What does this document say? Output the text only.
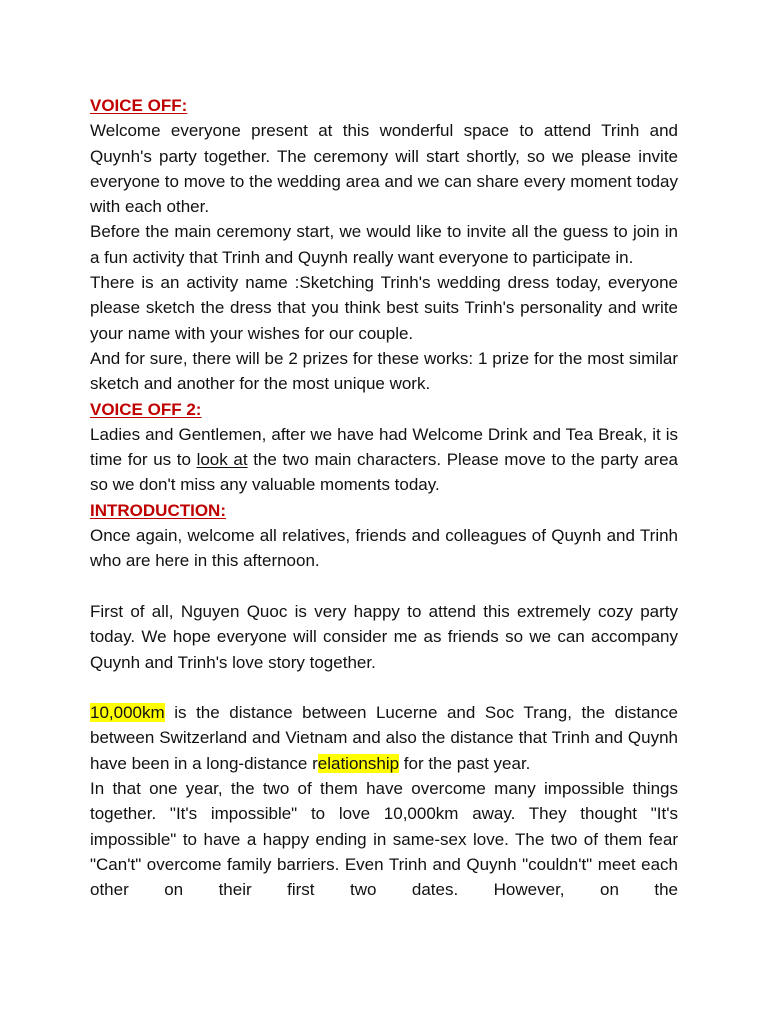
VOICE OFF:

Welcome everyone present at this wonderful space to attend Trinh and Quynh's party together. The ceremony will start shortly, so we please invite everyone to move to the wedding area and we can share every moment today with each other.

Before the main ceremony start, we would like to invite all the guess to join in a fun activity that Trinh and Quynh really want everyone to participate in.

There is an activity name :Sketching Trinh's wedding dress today, everyone please sketch the dress that you think best suits Trinh's personality and write your name with your wishes for our couple.

And for sure, there will be 2 prizes for these works: 1 prize for the most similar sketch and another for the most unique work.

VOICE OFF 2:

Ladies and Gentlemen, after we have had Welcome Drink and Tea Break, it is time for us to look at the two main characters. Please move to the party area so we don't miss any valuable moments today.

INTRODUCTION:

Once again, welcome all relatives, friends and colleagues of Quynh and Trinh who are here in this afternoon.

First of all, Nguyen Quoc is very happy to attend this extremely cozy party today. We hope everyone will consider me as friends so we can accompany Quynh and Trinh's love story together.

10,000km is the distance between Lucerne and Soc Trang, the distance between Switzerland and Vietnam and also the distance that Trinh and Quynh have been in a long-distance relationship for the past year.

In that one year, the two of them have overcome many impossible things together. "It's impossible" to love 10,000km away. They thought "It's impossible" to have a happy ending in same-sex love. The two of them fear "Can't" overcome family barriers. Even Trinh and Quynh "couldn't" meet each other on their first two dates. However, on the
